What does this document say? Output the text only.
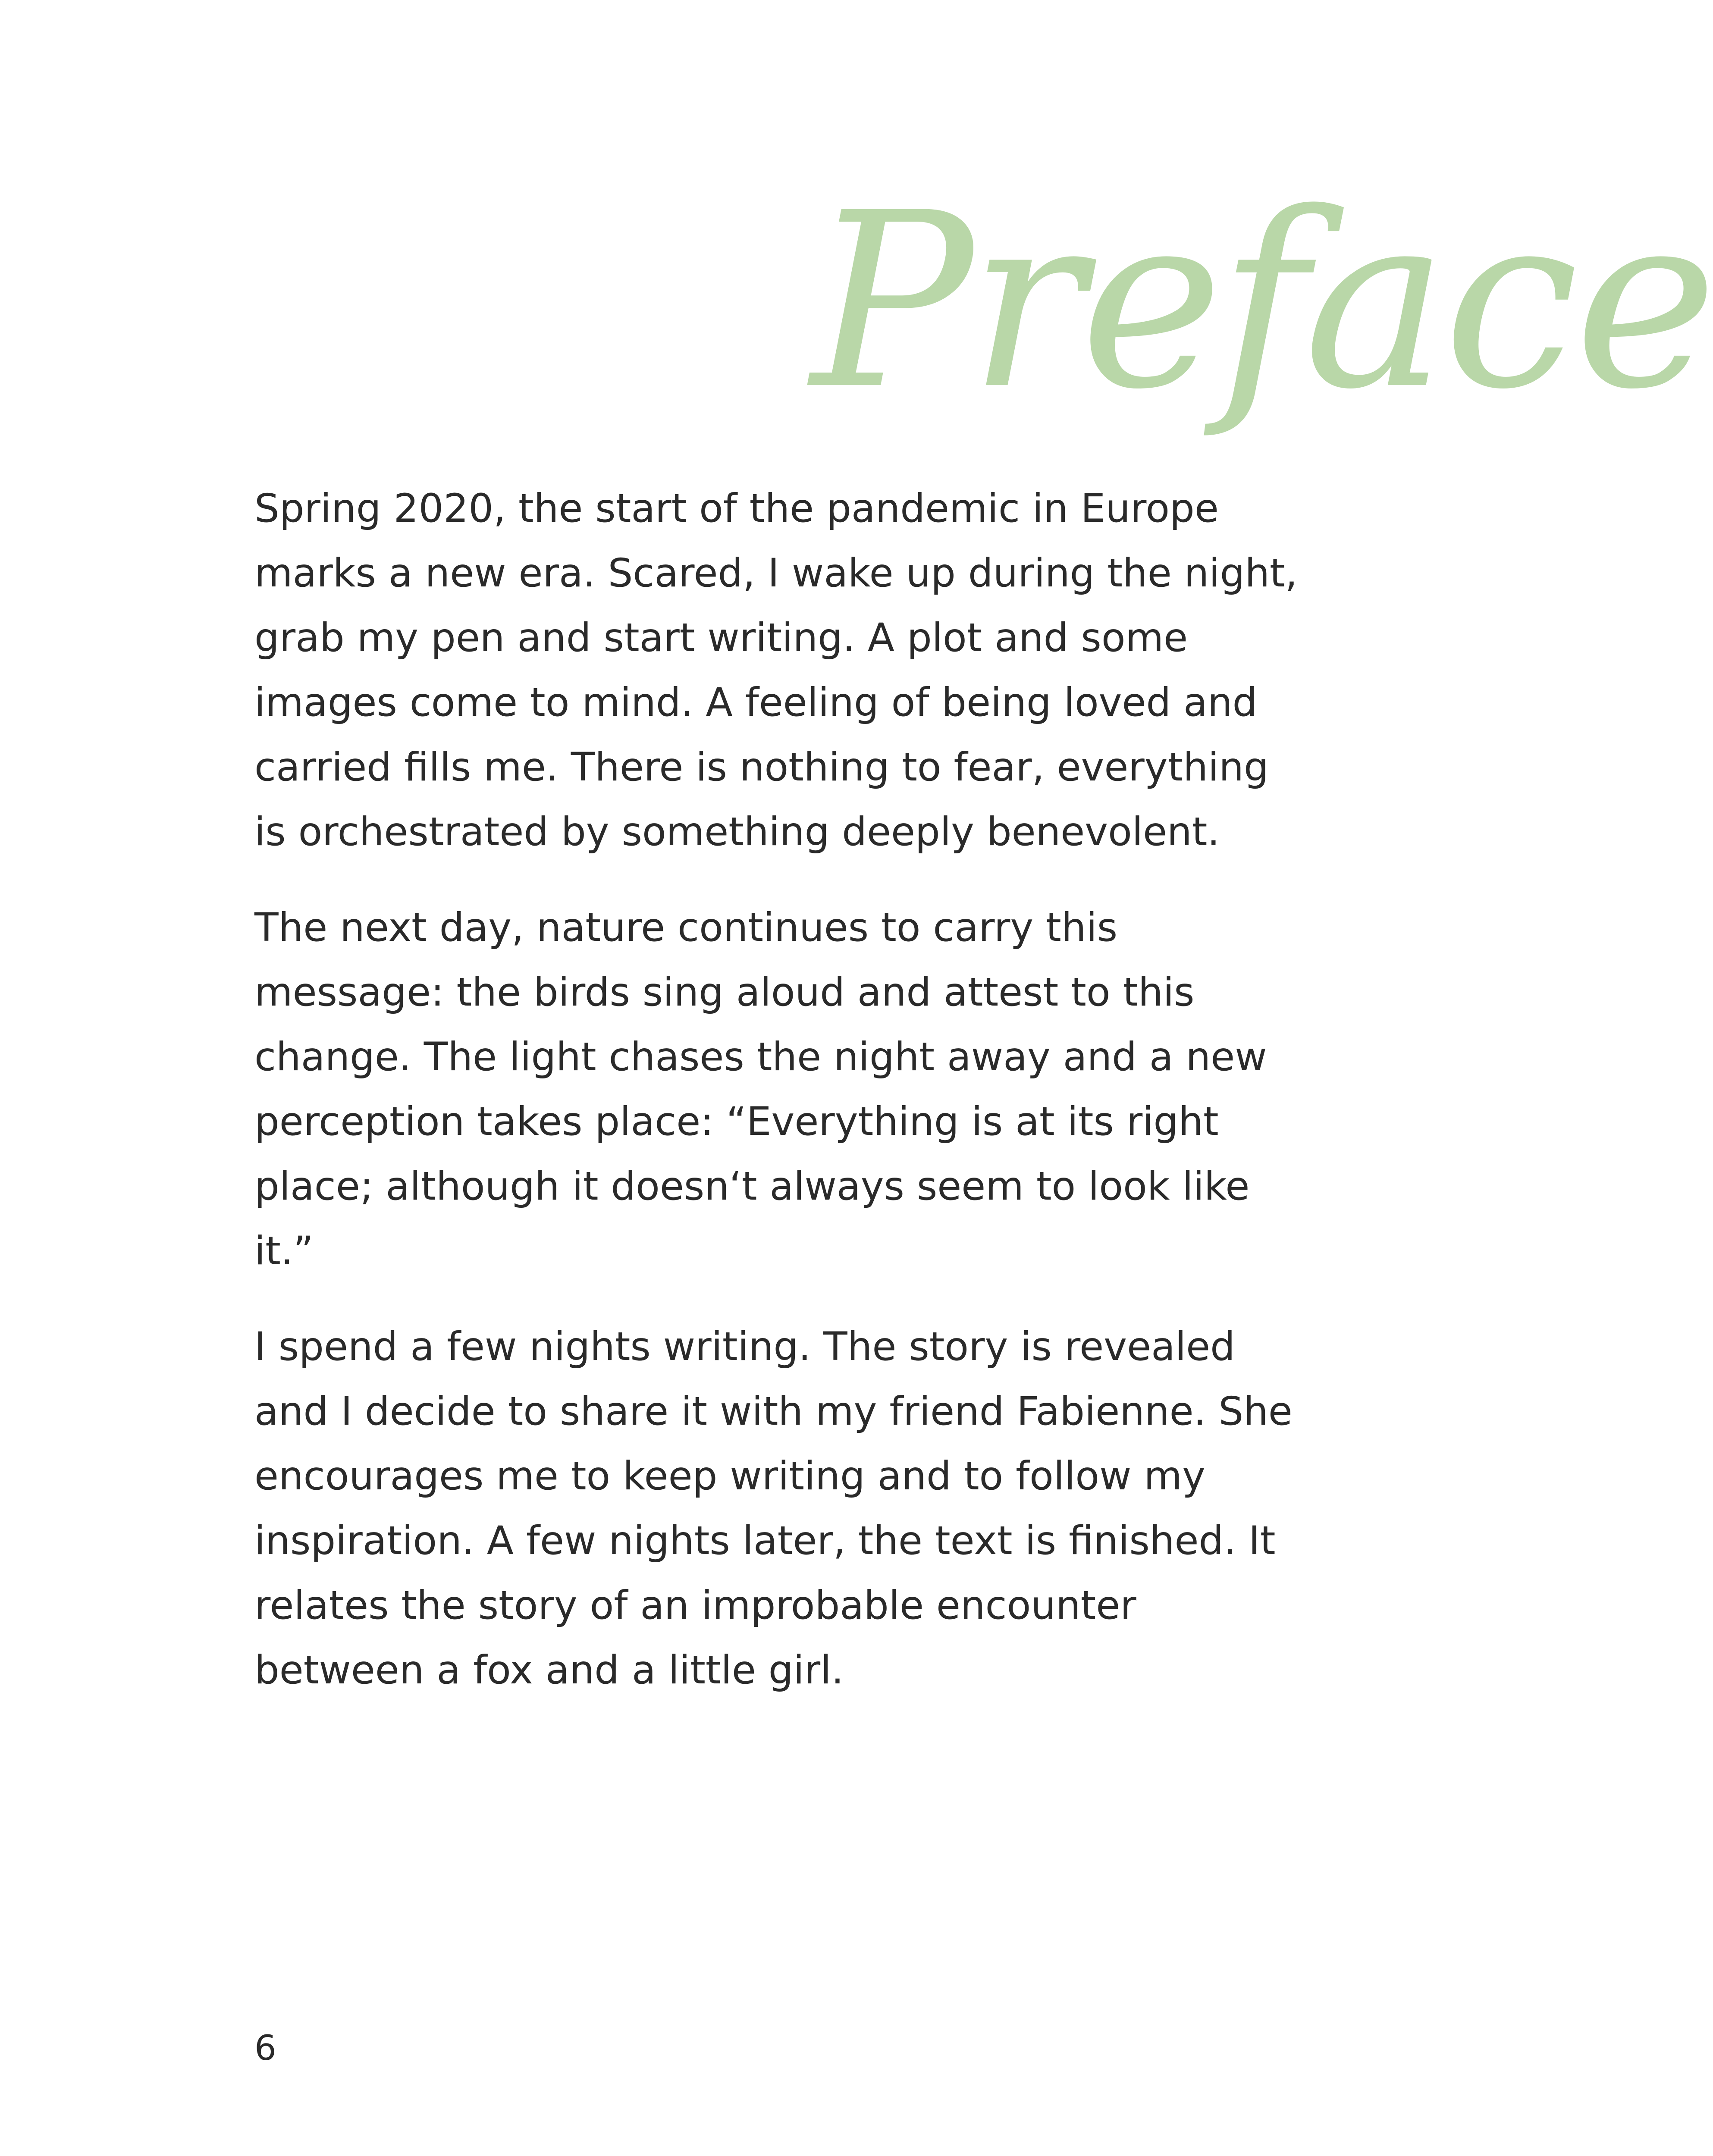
Preface

Spring 2020, the start of the pandemic in Europe marks a new era. Scared, I wake up during the night, grab my pen and start writing. A plot and some images come to mind. A feeling of being loved and carried fills me. There is nothing to fear, everything is orchestrated by something deeply benevolent.

The next day, nature continues to carry this message: the birds sing aloud and attest to this change. The light chases the night away and a new perception takes place: “Everything is at its right place; although it doesn‘t always seem to look like it.”

I spend a few nights writing. The story is revealed and I decide to share it with my friend Fabienne. She encourages me to keep writing and to follow my inspiration. A few nights later, the text is finished. It relates the story of an improbable encounter between a fox and a little girl.

6
